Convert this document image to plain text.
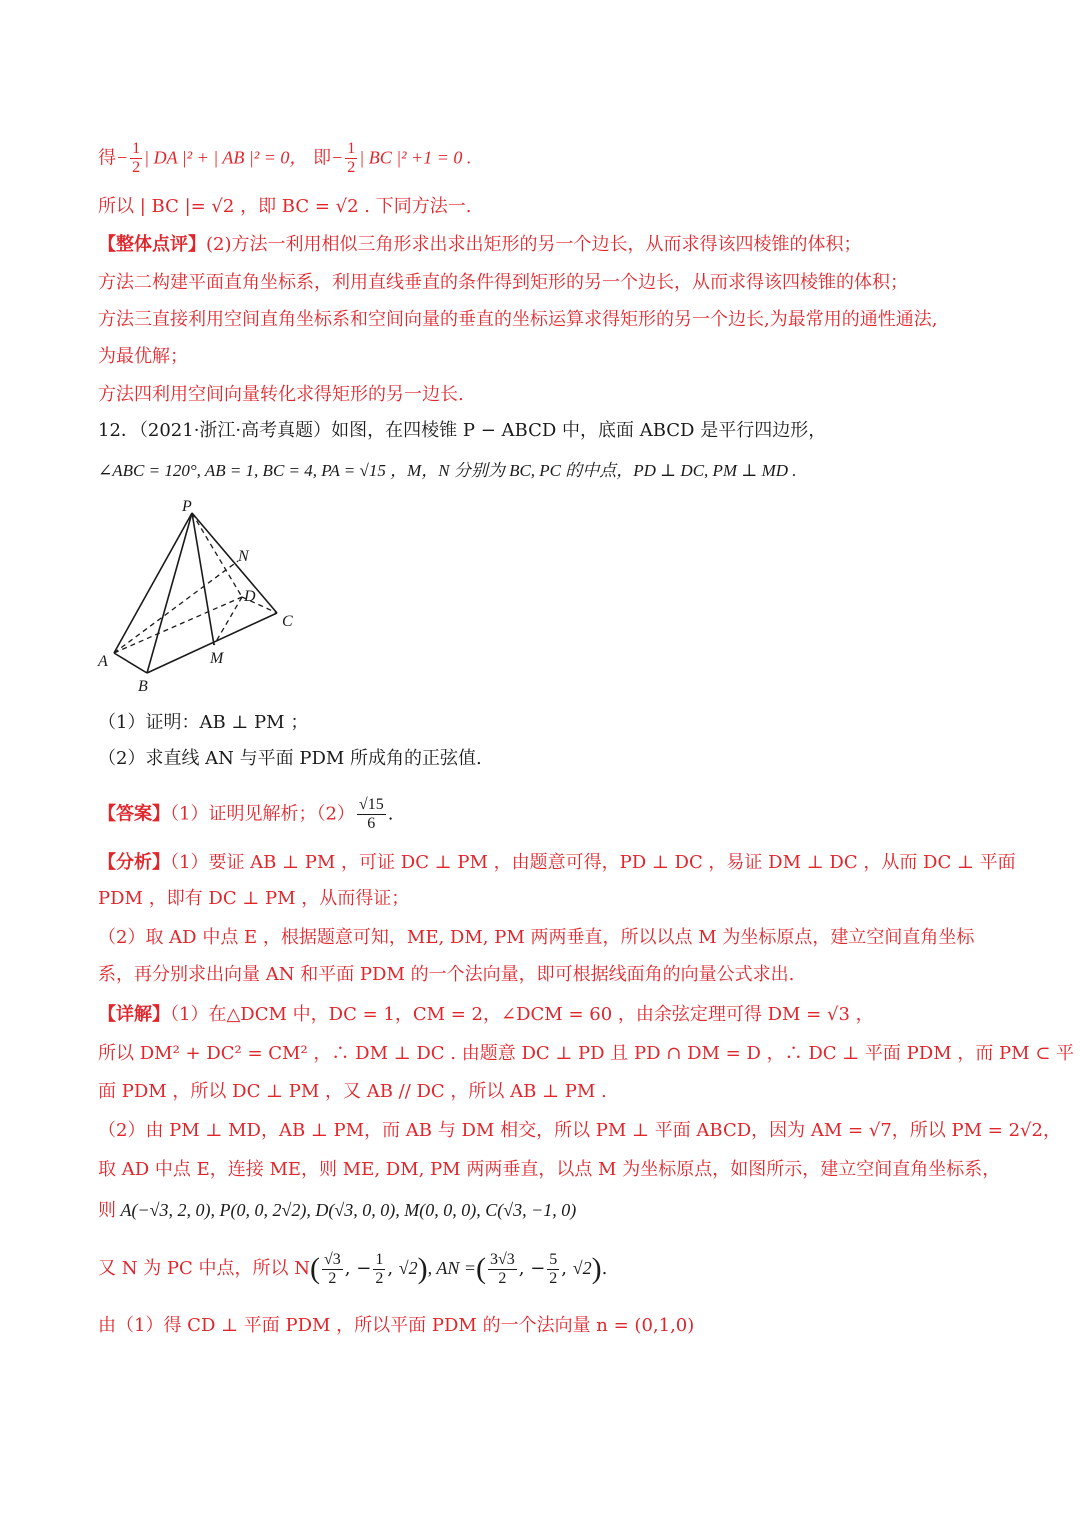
得− $\frac{1}{2}$ | DA |² + | AB |² = 0， 即− $\frac{1}{2}$ | BC |² +1 = 0 .
所以 | BC |= √2 ，即 BC = √2 . 下同方法一.
【整体点评】(2)方法一利用相似三角形求出求出矩形的另一个边长，从而求得该四棱锥的体积；
方法二构建平面直角坐标系，利用直线垂直的条件得到矩形的另一个边长，从而求得该四棱锥的体积；
方法三直接利用空间直角坐标系和空间向量的垂直的坐标运算求得矩形的另一个边长,为最常用的通性通法,
为最优解；
方法四利用空间向量转化求得矩形的另一边长.
12．（2021·浙江·高考真题）如图，在四棱锥 P − ABCD 中，底面 ABCD 是平行四边形，
∠ABC = 120°, AB = 1, BC = 4, PA = √15 ，M，N 分别为 BC, PC 的中点，PD ⊥ DC, PM ⊥ MD .
P
N
D
C
A	M
B
（1）证明：AB ⊥ PM ；
（2）求直线 AN 与平面 PDM 所成角的正弦值.
【答案】（1）证明见解析；$(2) \frac{√15}{6}$ .
【分析】（1）要证 AB ⊥ PM ，可证 DC ⊥ PM ，由题意可得，PD ⊥ DC ，易证 DM ⊥ DC ，从而 DC ⊥ 平面
PDM ，即有 DC ⊥ PM ，从而得证；
（2）取 AD 中点 E ，根据题意可知，ME, DM, PM 两两垂直，所以以点 M 为坐标原点，建立空间直角坐标
系，再分别求出向量 AN 和平面 PDM 的一个法向量，即可根据线面角的向量公式求出.
【详解】（1）在△DCM 中，DC = 1，CM = 2，∠DCM = 60 ，由余弦定理可得 DM = √3 ，
所以 DM² + DC² = CM² ，∴ DM ⊥ DC . 由题意 DC ⊥ PD 且 PD ∩ DM = D ，∴ DC ⊥ 平面 PDM ，而 PM ⊂ 平
面 PDM ，所以 DC ⊥ PM ，又 AB // DC ，所以 AB ⊥ PM .
（2）由 PM ⊥ MD，AB ⊥ PM，而 AB 与 DM 相交，所以 PM ⊥ 平面 ABCD，因为 AM = √7，所以 PM = 2√2，
取 AD 中点 E，连接 ME，则 ME, DM, PM 两两垂直，以点 M 为坐标原点，如图所示，建立空间直角坐标系，
则 A(−√3, 2, 0), P(0, 0, 2√2), D(√3, 0, 0), M(0, 0, 0), C(√3, −1, 0)
又 N 为 PC 中点，所以 $N( \frac{√3}{2}$ , − $\frac{1}{2}$ , √2), AN =( $\frac{3√3}{2}$ , − $\frac{5}{2}$ , √2).
由（1）得 CD ⊥ 平面 PDM ，所以平面 PDM 的一个法向量 n = (0,1,0)
